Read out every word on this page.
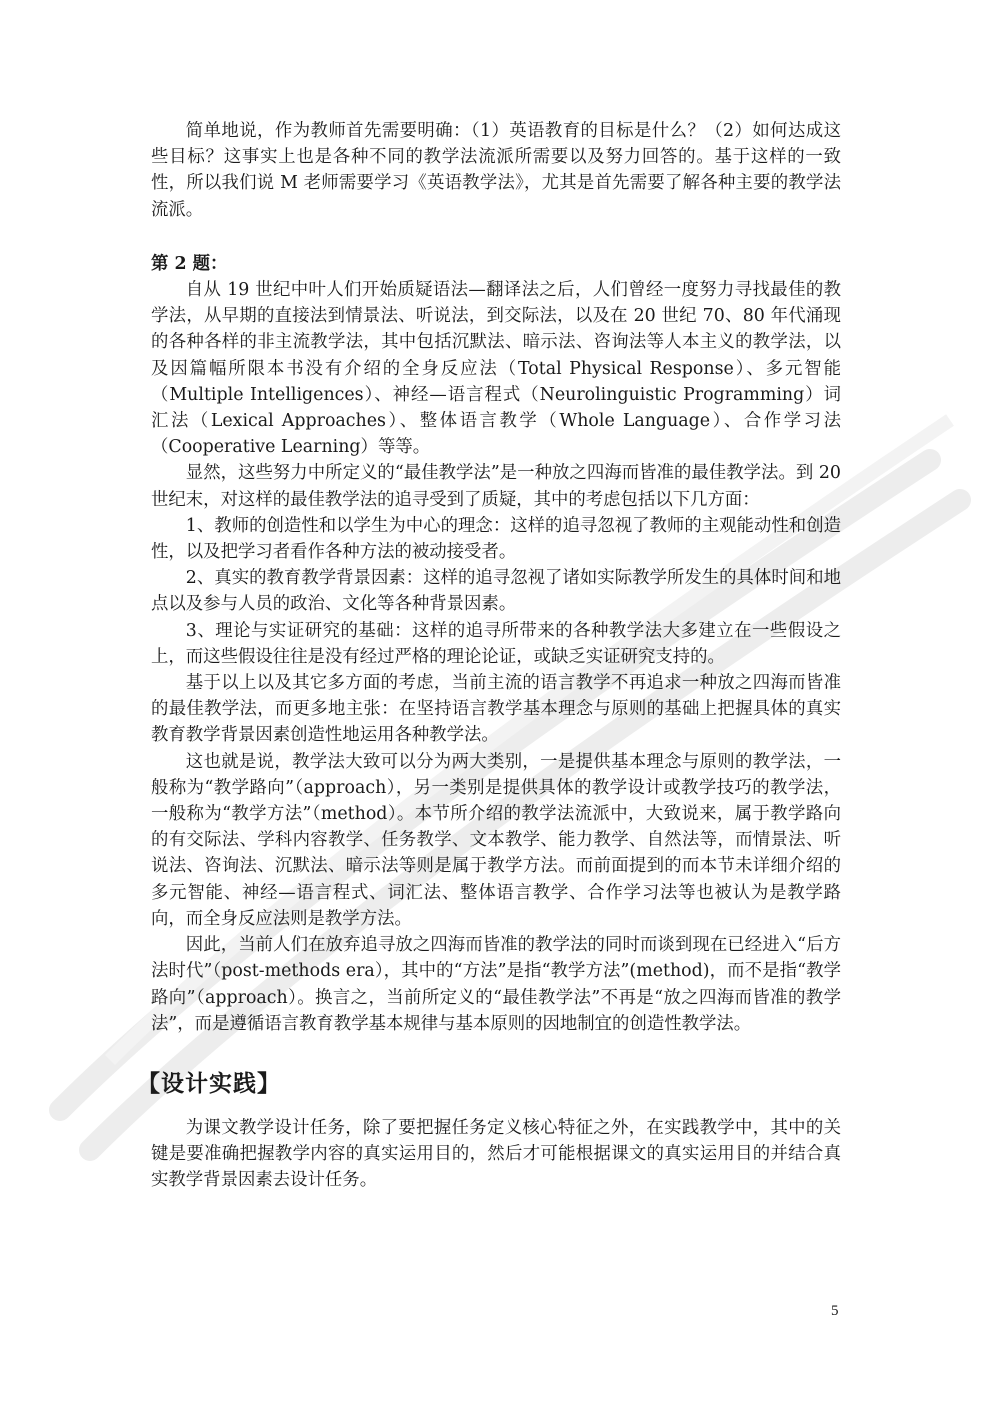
简单地说，作为教师首先需要明确：（1）英语教育的目标是什么？（2）如何达成这些目标？这事实上也是各种不同的教学法流派所需要以及努力回答的。基于这样的一致性，所以我们说 M 老师需要学习《英语教学法》，尤其是首先需要了解各种主要的教学法流派。

第 2 题：

自从 19 世纪中叶人们开始质疑语法—翻译法之后，人们曾经一度努力寻找最佳的教学法，从早期的直接法到情景法、听说法，到交际法，以及在 20 世纪 70、80 年代涌现的各种各样的非主流教学法，其中包括沉默法、暗示法、咨询法等人本主义的教学法，以及因篇幅所限本书没有介绍的全身反应法（Total Physical Response）、多元智能（Multiple Intelligences）、神经—语言程式（Neurolinguistic Programming）词汇法（Lexical Approaches）、整体语言教学（Whole Language）、合作学习法（Cooperative Learning）等等。

显然，这些努力中所定义的“最佳教学法”是一种放之四海而皆准的最佳教学法。到 20 世纪末，对这样的最佳教学法的追寻受到了质疑，其中的考虑包括以下几方面：

1、教师的创造性和以学生为中心的理念：这样的追寻忽视了教师的主观能动性和创造性，以及把学习者看作各种方法的被动接受者。

2、真实的教育教学背景因素：这样的追寻忽视了诸如实际教学所发生的具体时间和地点以及参与人员的政治、文化等各种背景因素。

3、理论与实证研究的基础：这样的追寻所带来的各种教学法大多建立在一些假设之上，而这些假设往往是没有经过严格的理论论证，或缺乏实证研究支持的。

基于以上以及其它多方面的考虑，当前主流的语言教学不再追求一种放之四海而皆准的最佳教学法，而更多地主张：在坚持语言教学基本理念与原则的基础上把握具体的真实教育教学背景因素创造性地运用各种教学法。

这也就是说，教学法大致可以分为两大类别，一是提供基本理念与原则的教学法，一般称为“教学路向”（approach），另一类别是提供具体的教学设计或教学技巧的教学法，一般称为“教学方法”（method）。本节所介绍的教学法流派中，大致说来，属于教学路向的有交际法、学科内容教学、任务教学、文本教学、能力教学、自然法等，而情景法、听说法、咨询法、沉默法、暗示法等则是属于教学方法。而前面提到的而本节未详细介绍的多元智能、神经—语言程式、词汇法、整体语言教学、合作学习法等也被认为是教学路向，而全身反应法则是教学方法。

因此，当前人们在放弃追寻放之四海而皆准的教学法的同时而谈到现在已经进入“后方法时代”（post-methods era），其中的“方法”是指“教学方法”(method)，而不是指“教学路向”（approach）。换言之，当前所定义的“最佳教学法”不再是“放之四海而皆准的教学法”，而是遵循语言教育教学基本规律与基本原则的因地制宜的创造性教学法。

【设计实践】

为课文教学设计任务，除了要把握任务定义核心特征之外，在实践教学中，其中的关键是要准确把握教学内容的真实运用目的，然后才可能根据课文的真实运用目的并结合真实教学背景因素去设计任务。

5
